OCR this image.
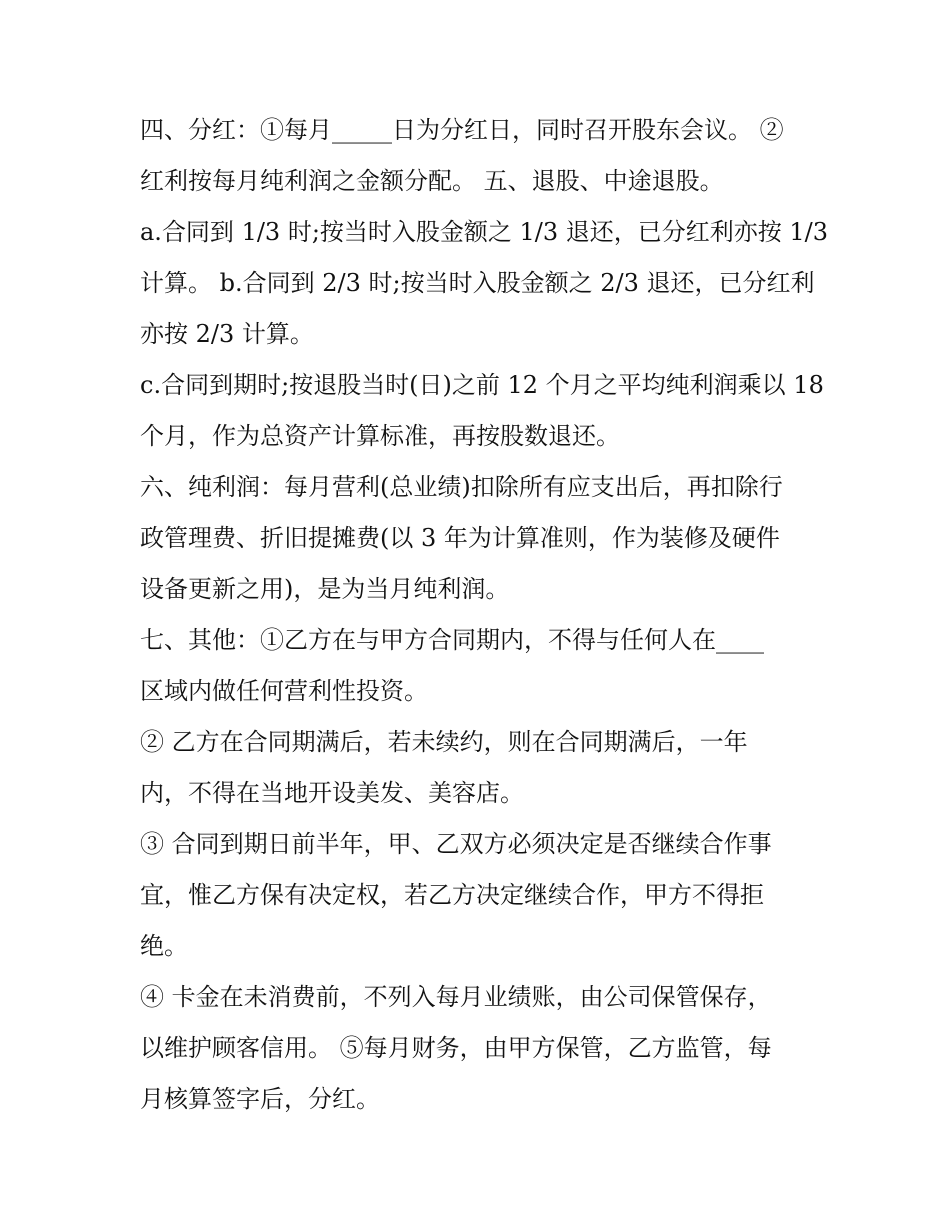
四、分红：①每月_____日为分红日，同时召开股东会议。 ②
红利按每月纯利润之金额分配。 五、退股、中途退股。
a.合同到 1/3 时;按当时入股金额之 1/3 退还，已分红利亦按 1/3
计算。 b.合同到 2/3 时;按当时入股金额之 2/3 退还，已分红利
亦按 2/3 计算。
c.合同到期时;按退股当时(日)之前 12 个月之平均纯利润乘以 18
个月，作为总资产计算标准，再按股数退还。
六、纯利润：每月营利(总业绩)扣除所有应支出后，再扣除行
政管理费、折旧提摊费(以 3 年为计算准则，作为装修及硬件
设备更新之用)，是为当月纯利润。
七、其他：①乙方在与甲方合同期内，不得与任何人在____
区域内做任何营利性投资。
② 乙方在合同期满后，若未续约，则在合同期满后，一年
内，不得在当地开设美发、美容店。
③ 合同到期日前半年，甲、乙双方必须决定是否继续合作事
宜，惟乙方保有决定权，若乙方决定继续合作，甲方不得拒
绝。
④ 卡金在未消费前，不列入每月业绩账，由公司保管保存，
以维护顾客信用。 ⑤每月财务，由甲方保管，乙方监管，每
月核算签字后，分红。
